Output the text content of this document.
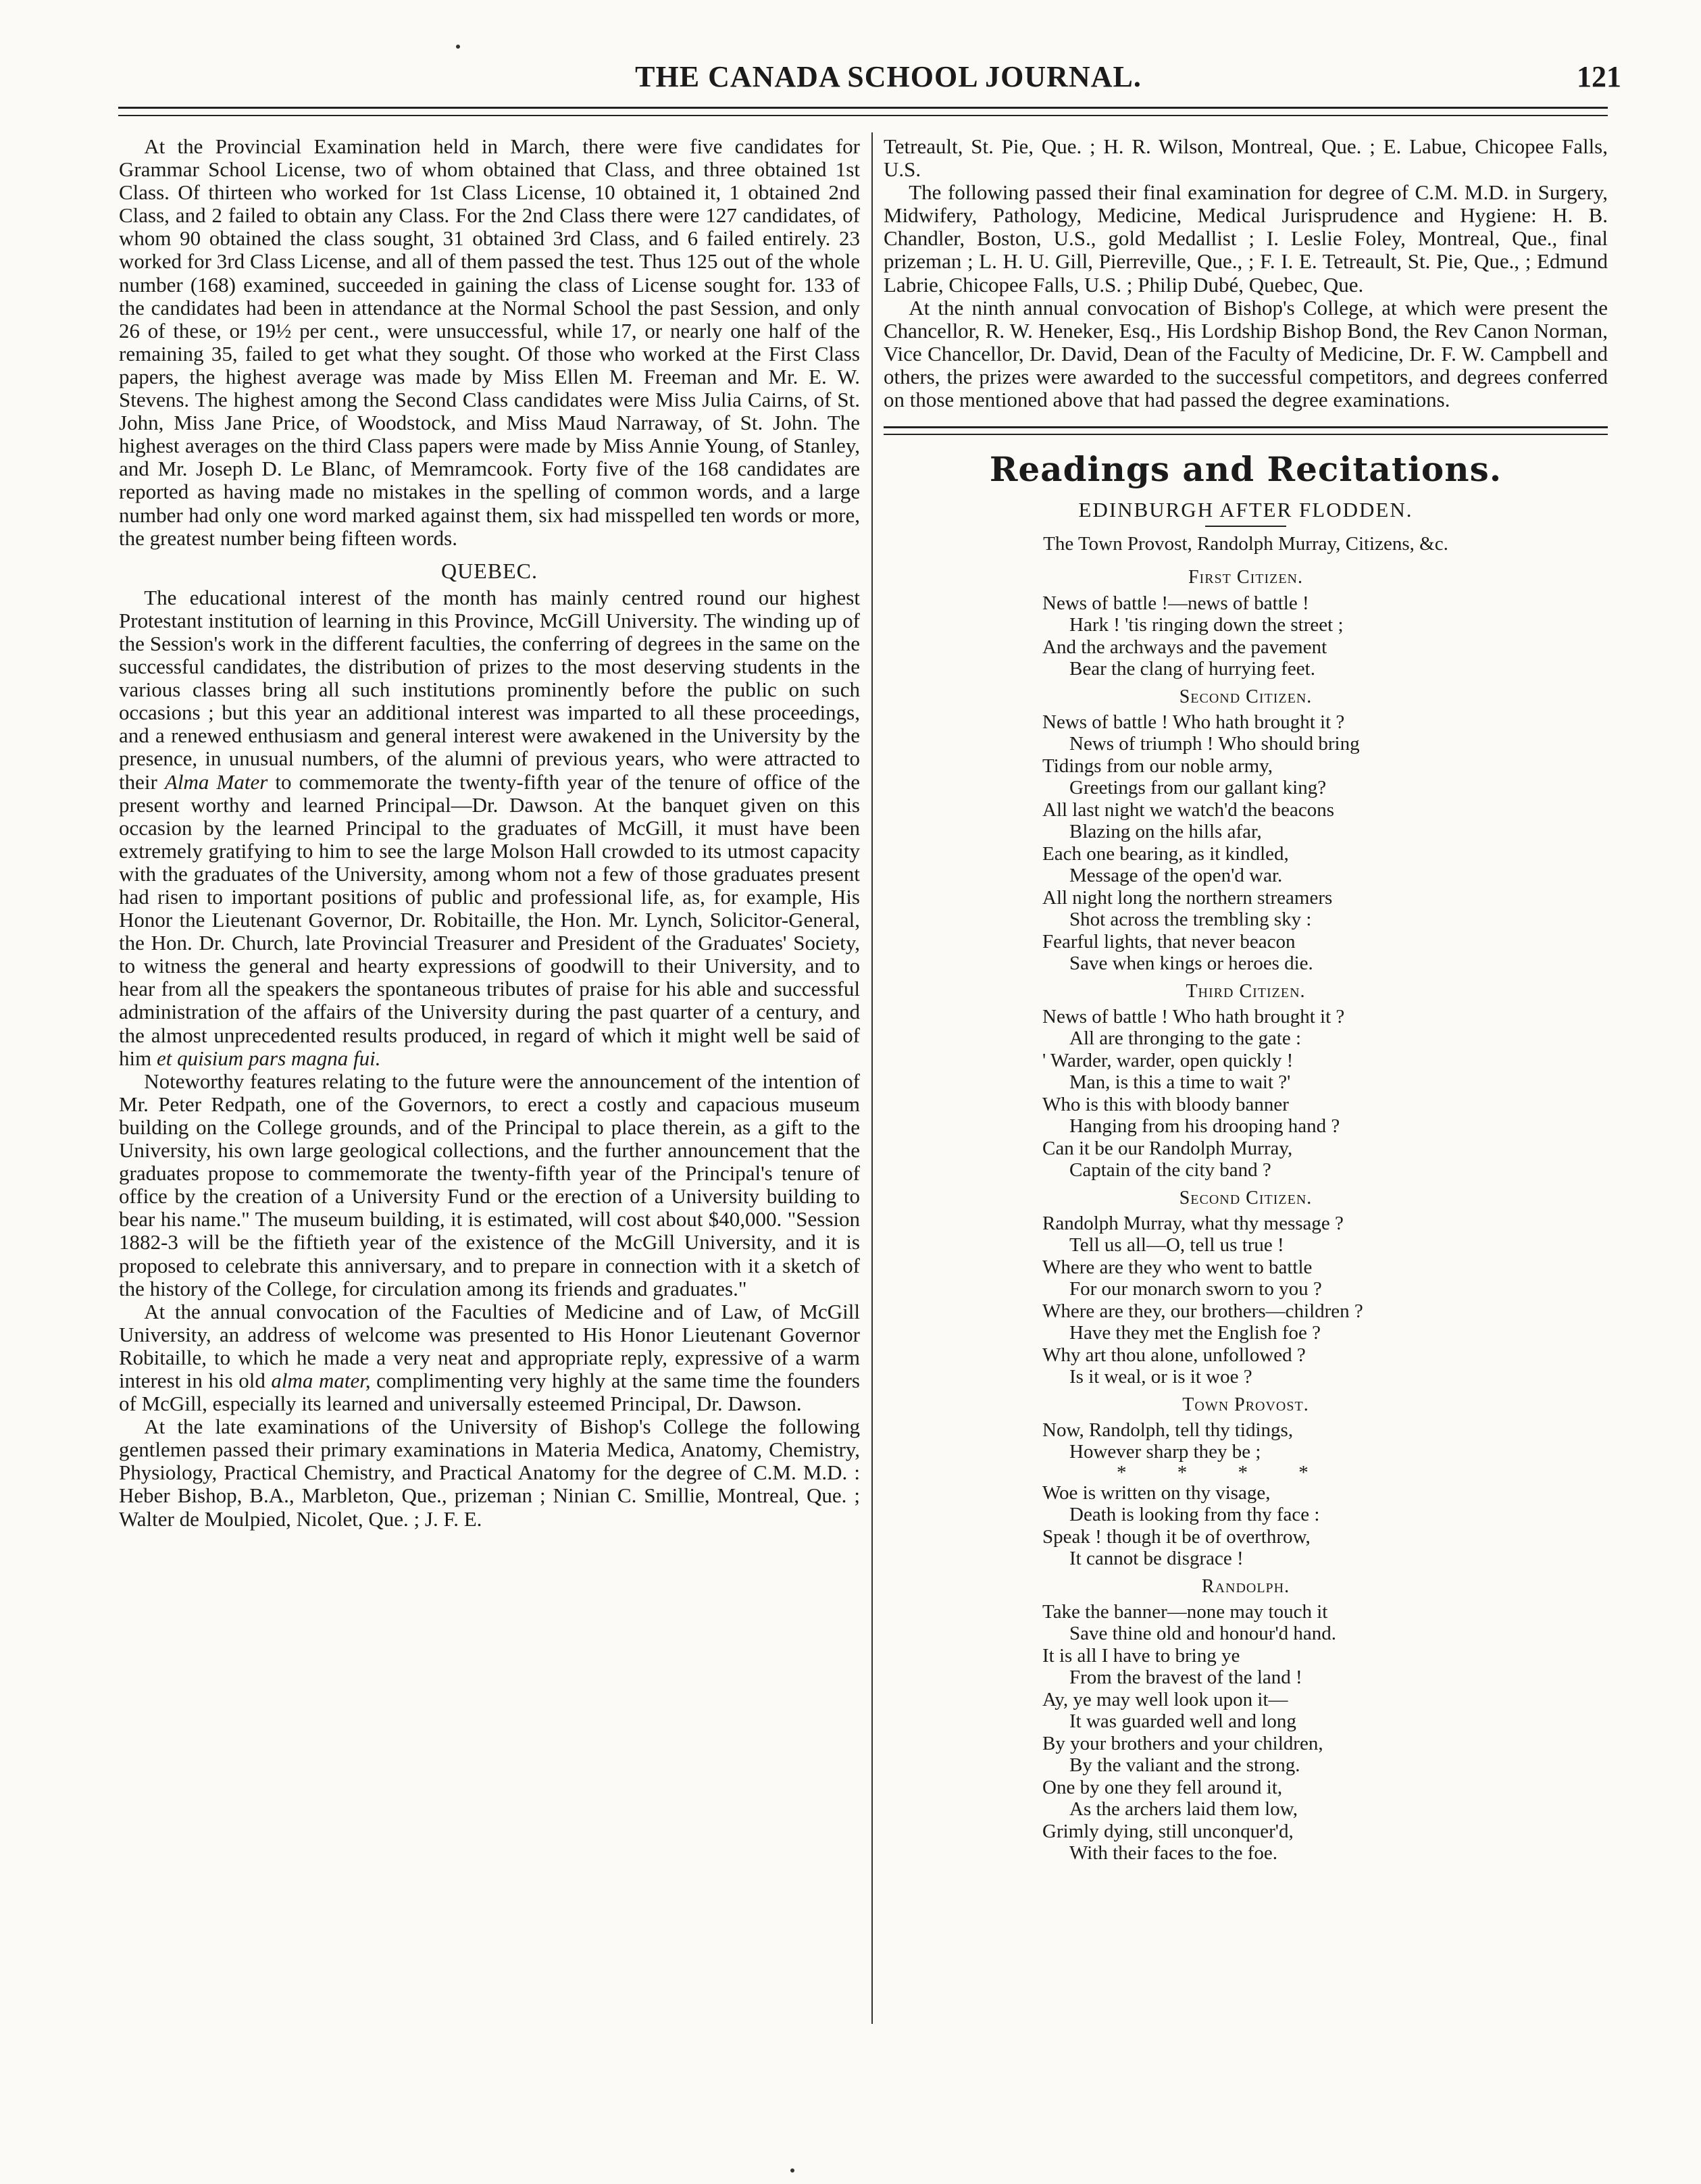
THE CANADA SCHOOL JOURNAL.	121

At the Provincial Examination held in March, there were five candidates for Grammar School License, two of whom obtained that Class, and three obtained 1st Class. Of thirteen who worked for 1st Class License, 10 obtained it, 1 obtained 2nd Class, and 2 failed to obtain any Class. For the 2nd Class there were 127 candidates, of whom 90 obtained the class sought, 31 obtained 3rd Class, and 6 failed entirely. 23 worked for 3rd Class License, and all of them passed the test. Thus 125 out of the whole number (168) examined, succeeded in gaining the class of License sought for. 133 of the candidates had been in attendance at the Normal School the past Session, and only 26 of these, or 19½ per cent., were unsuccessful, while 17, or nearly one half of the remaining 35, failed to get what they sought. Of those who worked at the First Class papers, the highest average was made by Miss Ellen M. Freeman and Mr. E. W. Stevens. The highest among the Second Class candidates were Miss Julia Cairns, of St. John, Miss Jane Price, of Woodstock, and Miss Maud Narraway, of St. John. The highest averages on the third Class papers were made by Miss Annie Young, of Stanley, and Mr. Joseph D. Le Blanc, of Memramcook. Forty five of the 168 candidates are reported as having made no mistakes in the spelling of common words, and a large number had only one word marked against them, six had misspelled ten words or more, the greatest number being fifteen words.

QUEBEC.

The educational interest of the month has mainly centred round our highest Protestant institution of learning in this Province, McGill University. The winding up of the Session's work in the different faculties, the conferring of degrees in the same on the successful candidates, the distribution of prizes to the most deserving students in the various classes bring all such institutions prominently before the public on such occasions ; but this year an additional interest was imparted to all these proceedings, and a renewed enthusiasm and general interest were awakened in the University by the presence, in unusual numbers, of the alumni of previous years, who were attracted to their Alma Mater to commemorate the twenty-fifth year of the tenure of office of the present worthy and learned Principal—Dr. Dawson. At the banquet given on this occasion by the learned Principal to the graduates of McGill, it must have been extremely gratifying to him to see the large Molson Hall crowded to its utmost capacity with the graduates of the University, among whom not a few of those graduates present had risen to important positions of public and professional life, as, for example, His Honor the Lieutenant Governor, Dr. Robitaille, the Hon. Mr. Lynch, Solicitor-General, the Hon. Dr. Church, late Provincial Treasurer and President of the Graduates' Society, to witness the general and hearty expressions of goodwill to their University, and to hear from all the speakers the spontaneous tributes of praise for his able and successful administration of the affairs of the University during the past quarter of a century, and the almost unprecedented results produced, in regard of which it might well be said of him et quisium pars magna fui.

Noteworthy features relating to the future were the announcement of the intention of Mr. Peter Redpath, one of the Governors, to erect a costly and capacious museum building on the College grounds, and of the Principal to place therein, as a gift to the University, his own large geological collections, and the further announcement that the graduates propose to commemorate the twenty-fifth year of the Principal's tenure of office by the creation of a University Fund or the erection of a University building to bear his name." The museum building, it is estimated, will cost about $40,000. "Session 1882-3 will be the fiftieth year of the existence of the McGill University, and it is proposed to celebrate this anniversary, and to prepare in connection with it a sketch of the history of the College, for circulation among its friends and graduates."

At the annual convocation of the Faculties of Medicine and of Law, of McGill University, an address of welcome was presented to His Honor Lieutenant Governor Robitaille, to which he made a very neat and appropriate reply, expressive of a warm interest in his old alma mater, complimenting very highly at the same time the founders of McGill, especially its learned and universally esteemed Principal, Dr. Dawson.

At the late examinations of the University of Bishop's College the following gentlemen passed their primary examinations in Materia Medica, Anatomy, Chemistry, Physiology, Practical Chemistry, and Practical Anatomy for the degree of C.M. M.D. : Heber Bishop, B.A., Marbleton, Que., prizeman ; Ninian C. Smillie, Montreal, Que. ; Walter de Moulpied, Nicolet, Que. ; J. F. E.

Tetreault, St. Pie, Que. ; H. R. Wilson, Montreal, Que. ; E. Labue, Chicopee Falls, U.S.

The following passed their final examination for degree of C.M. M.D. in Surgery, Midwifery, Pathology, Medicine, Medical Jurisprudence and Hygiene: H. B. Chandler, Boston, U.S., gold Medallist ; I. Leslie Foley, Montreal, Que., final prizeman ; L. H. U. Gill, Pierreville, Que., ; F. I. E. Tetreault, St. Pie, Que., ; Edmund Labrie, Chicopee Falls, U.S. ; Philip Dubé, Quebec, Que.

At the ninth annual convocation of Bishop's College, at which were present the Chancellor, R. W. Heneker, Esq., His Lordship Bishop Bond, the Rev Canon Norman, Vice Chancellor, Dr. David, Dean of the Faculty of Medicine, Dr. F. W. Campbell and others, the prizes were awarded to the successful competitors, and degrees conferred on those mentioned above that had passed the degree examinations.

Readings and Recitations.
EDINBURGH AFTER FLODDEN.
The Town Provost, Randolph Murray, Citizens, &c.
First Citizen.
News of battle !—news of battle !
Hark ! 'tis ringing down the street ;
And the archways and the pavement
Bear the clang of hurrying feet.
Second Citizen.
News of battle ! Who hath brought it ?
News of triumph ! Who should bring
Tidings from our noble army,
Greetings from our gallant king?
All last night we watch'd the beacons
Blazing on the hills afar,
Each one bearing, as it kindled,
Message of the open'd war.
All night long the northern streamers
Shot across the trembling sky :
Fearful lights, that never beacon
Save when kings or heroes die.
Third Citizen.
News of battle ! Who hath brought it ?
All are thronging to the gate :
' Warder, warder, open quickly !
Man, is this a time to wait ?'
Who is this with bloody banner
Hanging from his drooping hand ?
Can it be our Randolph Murray,
Captain of the city band ?
Second Citizen.
Randolph Murray, what thy message ?
Tell us all—O, tell us true !
Where are they who went to battle
For our monarch sworn to you ?
Where are they, our brothers—children ?
Have they met the English foe ?
Why art thou alone, unfollowed ?
Is it weal, or is it woe ?
Town Provost.
Now, Randolph, tell thy tidings,
However sharp they be ;
* * * *
Woe is written on thy visage,
Death is looking from thy face :
Speak ! though it be of overthrow,
It cannot be disgrace !
Randolph.
Take the banner—none may touch it
Save thine old and honour'd hand.
It is all I have to bring ye
From the bravest of the land !
Ay, ye may well look upon it—
It was guarded well and long
By your brothers and your children,
By the valiant and the strong.
One by one they fell around it,
As the archers laid them low,
Grimly dying, still unconquer'd,
With their faces to the foe.
